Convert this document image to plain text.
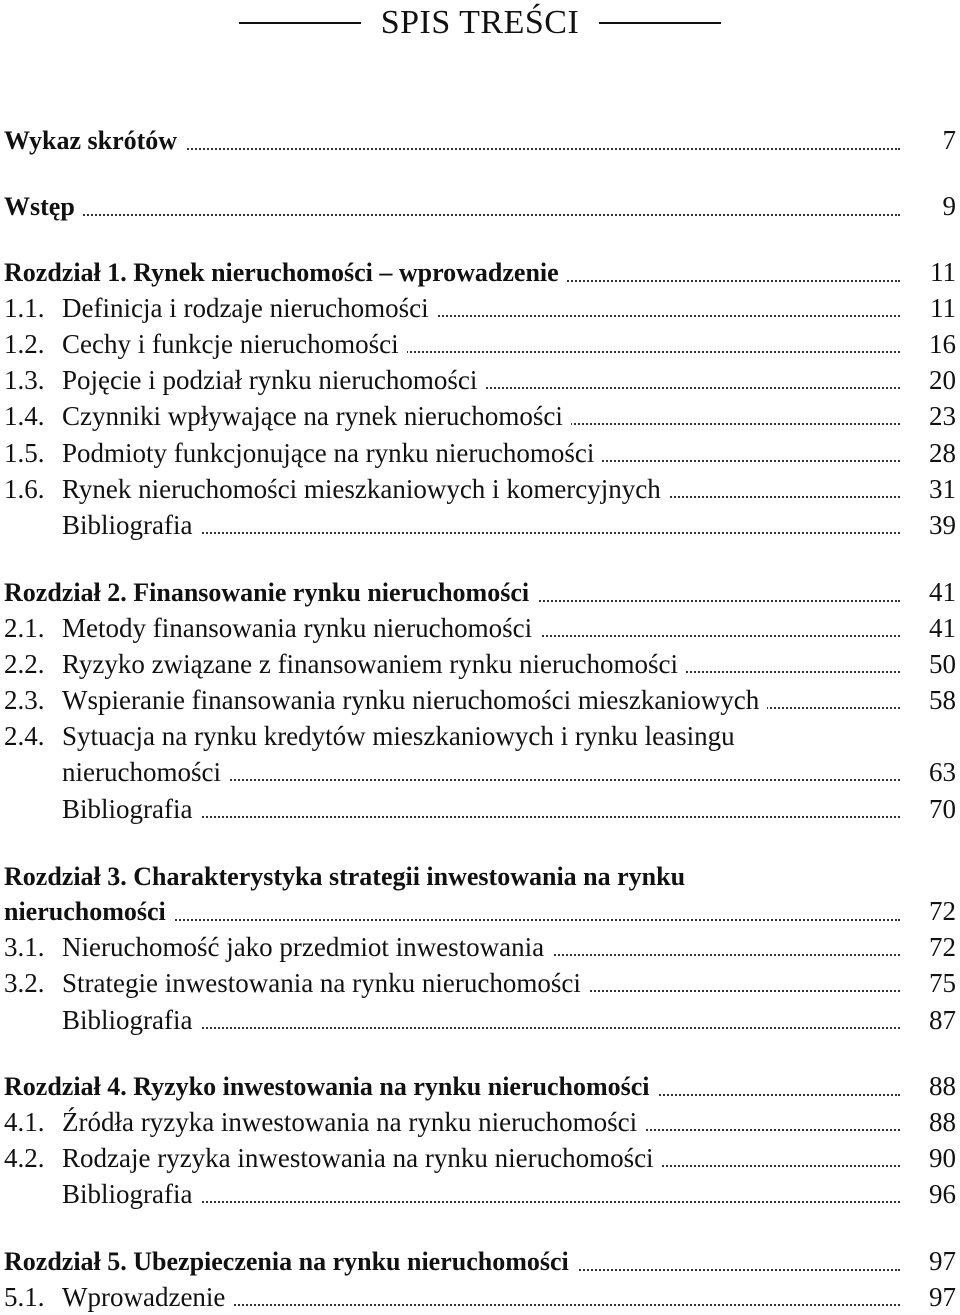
SPIS TREŚCI
Wykaz skrótów	7
Wstęp	9
Rozdział 1. Rynek nieruchomości – wprowadzenie	11
1.1. Definicja i rodzaje nieruchomości	11
1.2. Cechy i funkcje nieruchomości	16
1.3. Pojęcie i podział rynku nieruchomości	20
1.4. Czynniki wpływające na rynek nieruchomości	23
1.5. Podmioty funkcjonujące na rynku nieruchomości	28
1.6. Rynek nieruchomości mieszkaniowych i komercyjnych	31
Bibliografia	39
Rozdział 2. Finansowanie rynku nieruchomości	41
2.1. Metody finansowania rynku nieruchomości	41
2.2. Ryzyko związane z finansowaniem rynku nieruchomości	50
2.3. Wspieranie finansowania rynku nieruchomości mieszkaniowych	58
2.4. Sytuacja na rynku kredytów mieszkaniowych i rynku leasingu
nieruchomości	63
Bibliografia	70
Rozdział 3. Charakterystyka strategii inwestowania na rynku
nieruchomości	72
3.1. Nieruchomość jako przedmiot inwestowania	72
3.2. Strategie inwestowania na rynku nieruchomości	75
Bibliografia	87
Rozdział 4. Ryzyko inwestowania na rynku nieruchomości	88
4.1. Źródła ryzyka inwestowania na rynku nieruchomości	88
4.2. Rodzaje ryzyka inwestowania na rynku nieruchomości	90
Bibliografia	96
Rozdział 5. Ubezpieczenia na rynku nieruchomości	97
5.1. Wprowadzenie	97
